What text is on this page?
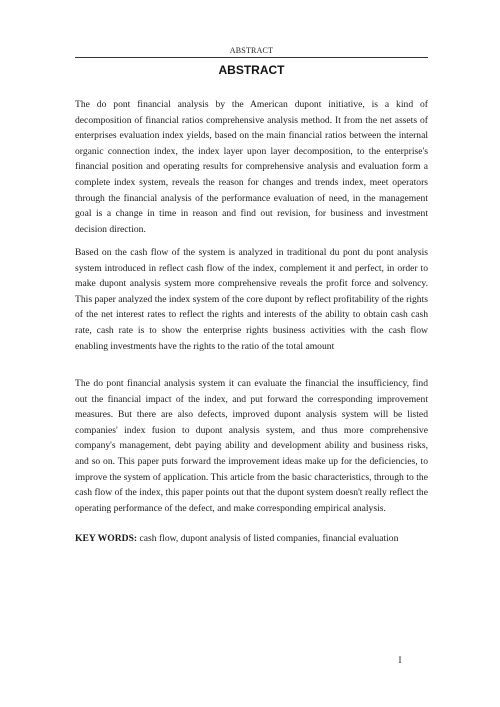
ABSTRACT
ABSTRACT

The do pont financial analysis by the American dupont initiative, is a kind of decomposition of financial ratios comprehensive analysis method. It from the net assets of enterprises evaluation index yields, based on the main financial ratios between the internal organic connection index, the index layer upon layer decomposition, to the enterprise's financial position and operating results for comprehensive analysis and evaluation form a complete index system, reveals the reason for changes and trends index, meet operators through the financial analysis of the performance evaluation of need, in the management goal is a change in time in reason and find out revision, for business and investment decision direction.

Based on the cash flow of the system is analyzed in traditional du pont du pont analysis system introduced in reflect cash flow of the index, complement it and perfect, in order to make dupont analysis system more comprehensive reveals the profit force and solvency. This paper analyzed the index system of the core dupont by reflect profitability of the rights of the net interest rates to reflect the rights and interests of the ability to obtain cash cash rate, cash rate is to show the enterprise rights business activities with the cash flow enabling investments have the rights to the ratio of the total amount

The do pont financial analysis system it can evaluate the financial the insufficiency, find out the financial impact of the index, and put forward the corresponding improvement measures. But there are also defects, improved dupont analysis system will be listed companies' index fusion to dupont analysis system, and thus more comprehensive company's management, debt paying ability and development ability and business risks, and so on. This paper puts forward the improvement ideas make up for the deficiencies, to improve the system of application. This article from the basic characteristics, through to the cash flow of the index, this paper points out that the dupont system doesn't really reflect the operating performance of the defect, and make corresponding empirical analysis.

KEY WORDS: cash flow, dupont analysis of listed companies, financial evaluation
I
